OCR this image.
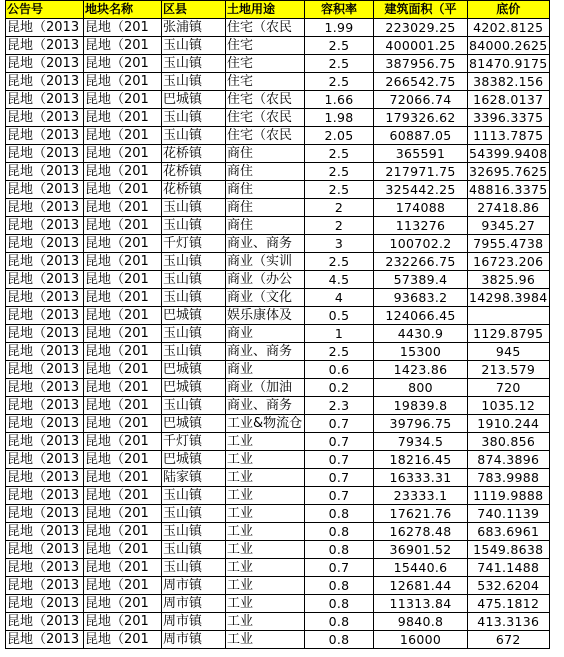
公告号	地块名称	区县	土地用途	容积率	建筑面积（平	底价
昆地（2013	昆地（201	张浦镇	住宅（农民	1.99	223029.25	4202.8125
昆地（2013	昆地（201	玉山镇	住宅	2.5	400001.25	84000.2625
昆地（2013	昆地（201	玉山镇	住宅	2.5	387956.75	81470.9175
昆地（2013	昆地（201	玉山镇	住宅	2.5	266542.75	38382.156
昆地（2013	昆地（201	巴城镇	住宅（农民	1.66	72066.74	1628.0137
昆地（2013	昆地（201	玉山镇	住宅（农民	1.98	179326.62	3396.3375
昆地（2013	昆地（201	玉山镇	住宅（农民	2.05	60887.05	1113.7875
昆地（2013	昆地（201	花桥镇	商住	2.5	365591	54399.9408
昆地（2013	昆地（201	花桥镇	商住	2.5	217971.75	32695.7625
昆地（2013	昆地（201	花桥镇	商住	2.5	325442.25	48816.3375
昆地（2013	昆地（201	玉山镇	商住	2	174088	27418.86
昆地（2013	昆地（201	玉山镇	商住	2	113276	9345.27
昆地（2013	昆地（201	千灯镇	商业、商务	3	100702.2	7955.4738
昆地（2013	昆地（201	玉山镇	商业（实训	2.5	232266.75	16723.206
昆地（2013	昆地（201	玉山镇	商业（办公	4.5	57389.4	3825.96
昆地（2013	昆地（201	玉山镇	商业（文化	4	93683.2	14298.3984
昆地（2013	昆地（201	巴城镇	娱乐康体及	0.5	124066.45	
昆地（2013	昆地（201	玉山镇	商业	1	4430.9	1129.8795
昆地（2013	昆地（201	玉山镇	商业、商务	2.5	15300	945
昆地（2013	昆地（201	巴城镇	商业	0.6	1423.86	213.579
昆地（2013	昆地（201	巴城镇	商业（加油	0.2	800	720
昆地（2013	昆地（201	玉山镇	商业、商务	2.3	19839.8	1035.12
昆地（2013	昆地（201	巴城镇	工业&物流仓	0.7	39796.75	1910.244
昆地（2013	昆地（201	千灯镇	工业	0.7	7934.5	380.856
昆地（2013	昆地（201	巴城镇	工业	0.7	18216.45	874.3896
昆地（2013	昆地（201	陆家镇	工业	0.7	16333.31	783.9988
昆地（2013	昆地（201	玉山镇	工业	0.7	23333.1	1119.9888
昆地（2013	昆地（201	玉山镇	工业	0.8	17621.76	740.1139
昆地（2013	昆地（201	玉山镇	工业	0.8	16278.48	683.6961
昆地（2013	昆地（201	玉山镇	工业	0.8	36901.52	1549.8638
昆地（2013	昆地（201	玉山镇	工业	0.7	15440.6	741.1488
昆地（2013	昆地（201	周市镇	工业	0.8	12681.44	532.6204
昆地（2013	昆地（201	周市镇	工业	0.8	11313.84	475.1812
昆地（2013	昆地（201	周市镇	工业	0.8	9840.8	413.3136
昆地（2013	昆地（201	周市镇	工业	0.8	16000	672
